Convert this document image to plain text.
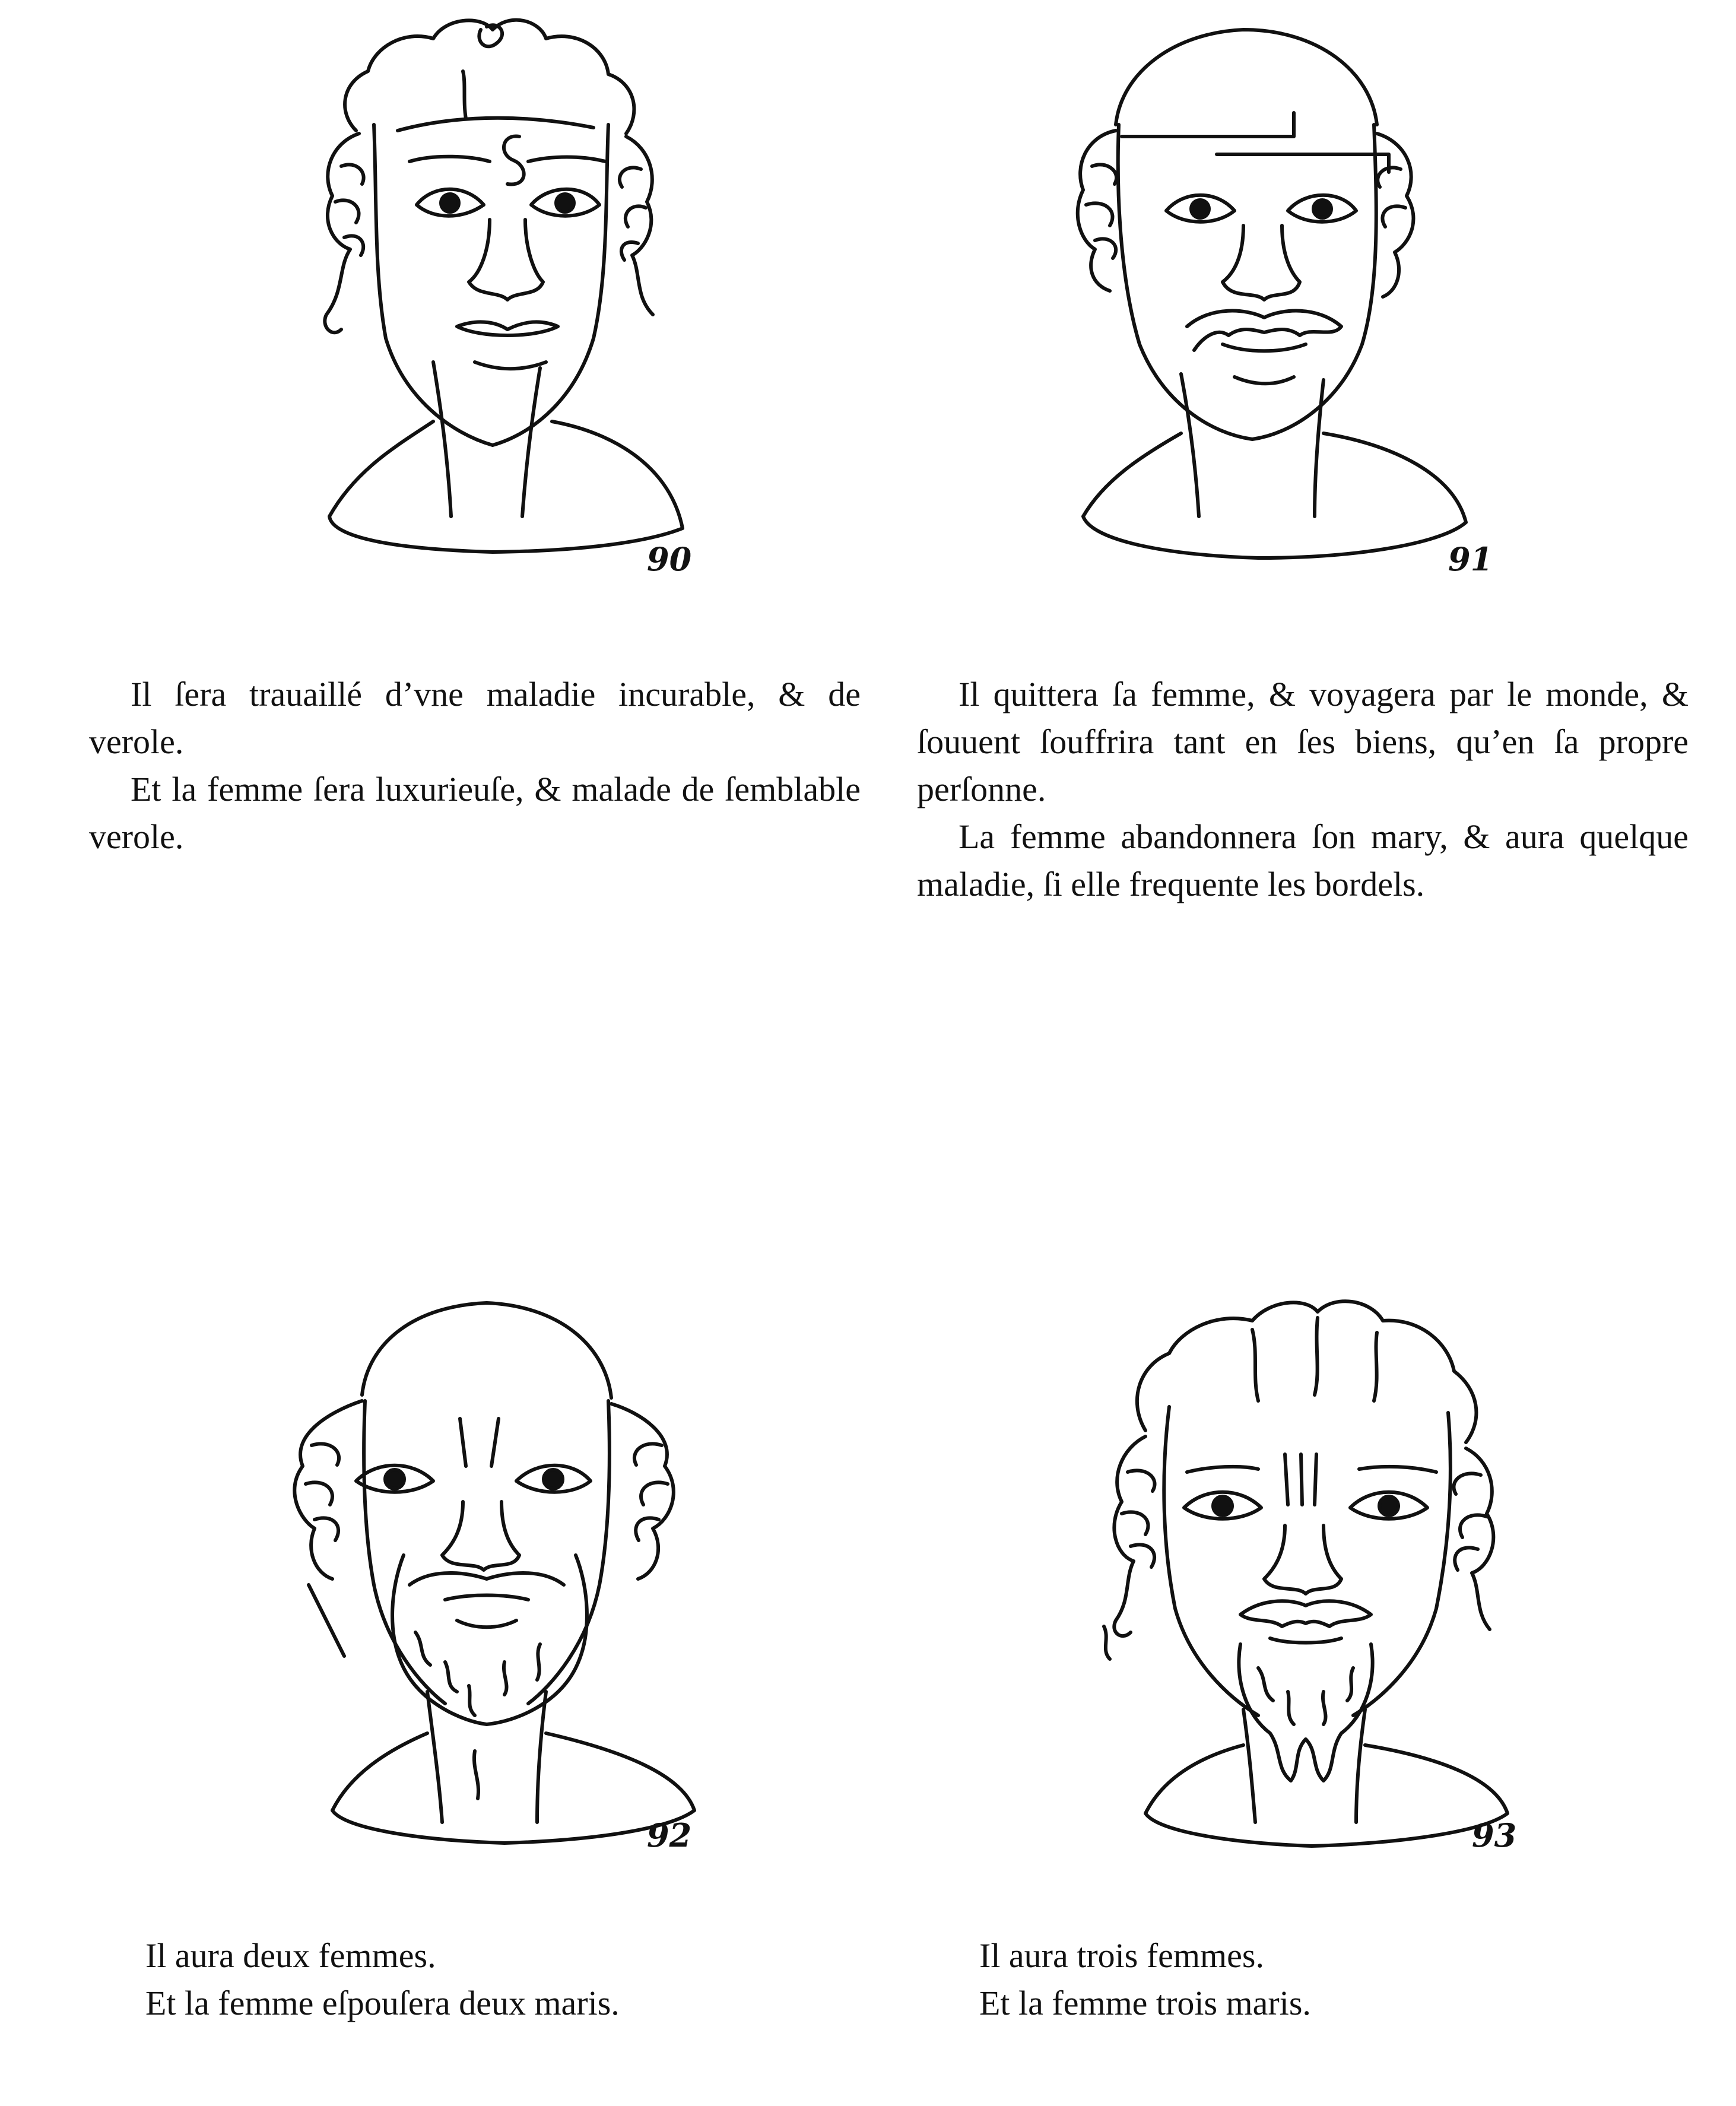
90	91

Il ſera trauaillé d’vne maladie incurable, & de verole.

Et la femme ſera luxurieuſe, & malade de ſemblable verole.

Il quittera ſa femme, & voyagera par le monde, & ſouuent ſouffrira tant en ſes biens, qu’en ſa propre perſonne.

La femme abandonnera ſon mary, & aura quelque maladie, ſi elle frequente les bordels.

92	93

Il aura deux femmes.

Et la femme eſpouſera deux maris.

Il aura trois femmes.

Et la femme trois maris.
